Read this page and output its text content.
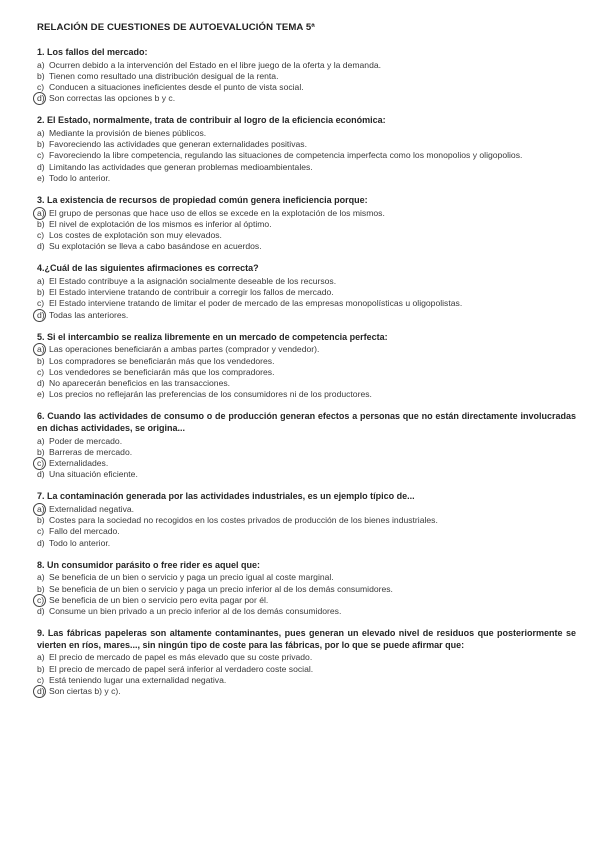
RELACIÓN DE CUESTIONES DE AUTOEVALUCIÓN TEMA 5ª
1. Los fallos del mercado:
a) Ocurren debido a la intervención del Estado en el libre juego de la oferta y la demanda.
b) Tienen como resultado una distribución desigual de la renta.
c) Conducen a situaciones ineficientes desde el punto de vista social.
d) Son correctas las opciones b y c.
2. El Estado, normalmente, trata de contribuir al logro de la eficiencia económica:
a) Mediante la provisión de bienes públicos.
b) Favoreciendo las actividades que generan externalidades positivas.
c) Favoreciendo la libre competencia, regulando las situaciones de competencia imperfecta como los monopolios y oligopolios.
d) Limitando las actividades que generan problemas medioambientales.
e) Todo lo anterior.
3. La existencia de recursos de propiedad común genera ineficiencia porque:
a) El grupo de personas que hace uso de ellos se excede en la explotación de los mismos.
b) El nivel de explotación de los mismos es inferior al óptimo.
c) Los costes de explotación son muy elevados.
d) Su explotación se lleva a cabo basándose en acuerdos.
4.¿Cuál de las siguientes afirmaciones es correcta?
a) El Estado contribuye a la asignación socialmente deseable de los recursos.
b) El Estado interviene tratando de contribuir a corregir los fallos de mercado.
c) El Estado interviene tratando de limitar el poder de mercado de las empresas monopolísticas u oligopolistas.
d) Todas las anteriores.
5. Si el intercambio se realiza libremente en un mercado de competencia perfecta:
a) Las operaciones beneficiarán a ambas partes (comprador y vendedor).
b) Los compradores se beneficiarán más que los vendedores.
c) Los vendedores se beneficiarán más que los compradores.
d) No aparecerán beneficios en las transacciones.
e) Los precios no reflejarán las preferencias de los consumidores ni de los productores.
6. Cuando las actividades de consumo o de producción generan efectos a personas que no están directamente involucradas en dichas actividades, se origina...
a) Poder de mercado.
b) Barreras de mercado.
c) Externalidades.
d) Una situación eficiente.
7. La contaminación generada por las actividades industriales, es un ejemplo típico de...
a) Externalidad negativa.
b) Costes para la sociedad no recogidos en los costes privados de producción de los bienes industriales.
c) Fallo del mercado.
d) Todo lo anterior.
8. Un consumidor parásito o free rider es aquel que:
a) Se beneficia de un bien o servicio y paga un precio igual al coste marginal.
b) Se beneficia de un bien o servicio y paga un precio inferior al de los demás consumidores.
c) Se beneficia de un bien o servicio pero evita pagar por él.
d) Consume un bien privado a un precio inferior al de los demás consumidores.
9. Las fábricas papeleras son altamente contaminantes, pues generan un elevado nivel de residuos que posteriormente se vierten en ríos, mares..., sin ningún tipo de coste para las fábricas, por lo que se puede afirmar que:
a) El precio de mercado de papel es más elevado que su coste privado.
b) El precio de mercado de papel será inferior al verdadero coste social.
c) Está teniendo lugar una externalidad negativa.
d) Son ciertas b) y c).
